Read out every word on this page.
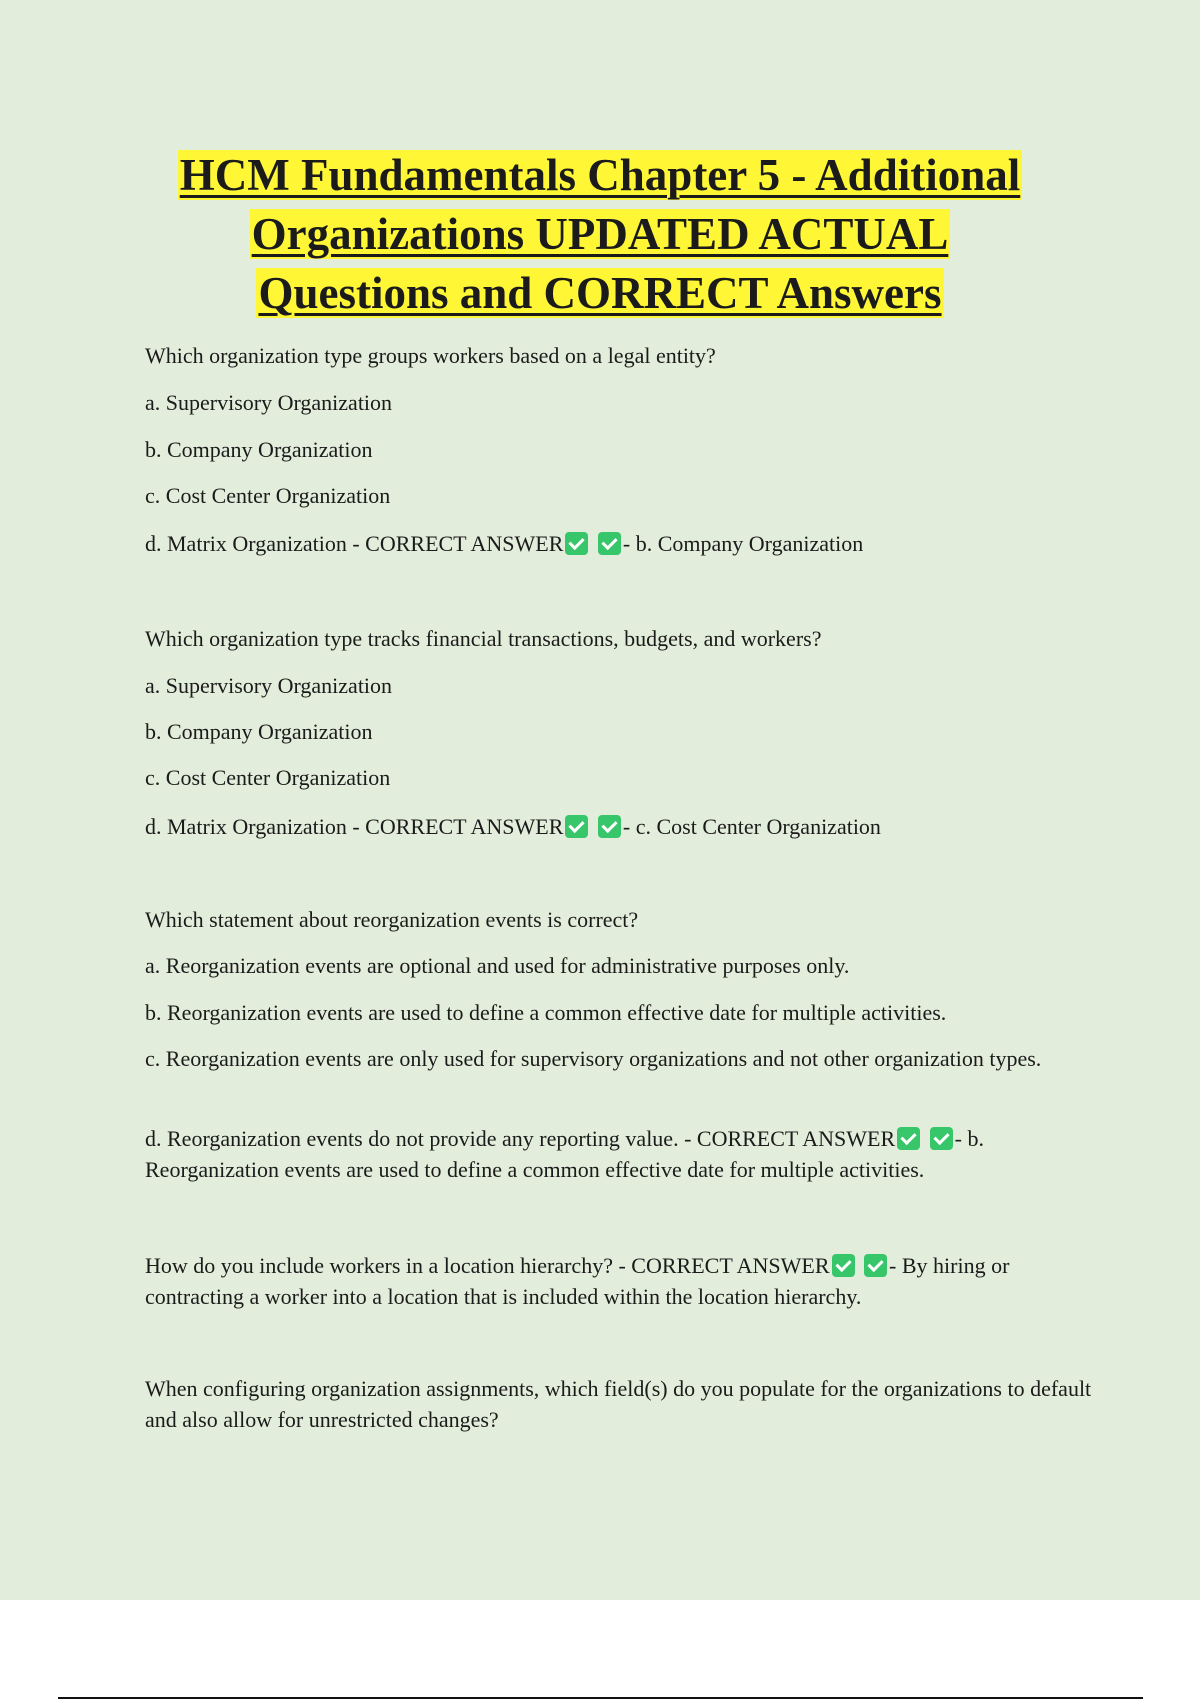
HCM Fundamentals Chapter 5 - Additional
Organizations UPDATED ACTUAL
Questions and CORRECT Answers

Which organization type groups workers based on a legal entity?

a. Supervisory Organization

b. Company Organization

c. Cost Center Organization

d. Matrix Organization - CORRECT ANSWER	- b. Company Organization

Which organization type tracks financial transactions, budgets, and workers?

a. Supervisory Organization

b. Company Organization

c. Cost Center Organization

d. Matrix Organization - CORRECT ANSWER	- c. Cost Center Organization

Which statement about reorganization events is correct?

a. Reorganization events are optional and used for administrative purposes only.

b. Reorganization events are used to define a common effective date for multiple activities.

c. Reorganization events are only used for supervisory organizations and not other organization types.

d. Reorganization events do not provide any reporting value. - CORRECT ANSWER	- b. Reorganization events are used to define a common effective date for multiple activities.

How do you include workers in a location hierarchy? - CORRECT ANSWER	- By hiring or contracting a worker into a location that is included within the location hierarchy.

When configuring organization assignments, which field(s) do you populate for the organizations to default and also allow for unrestricted changes?
